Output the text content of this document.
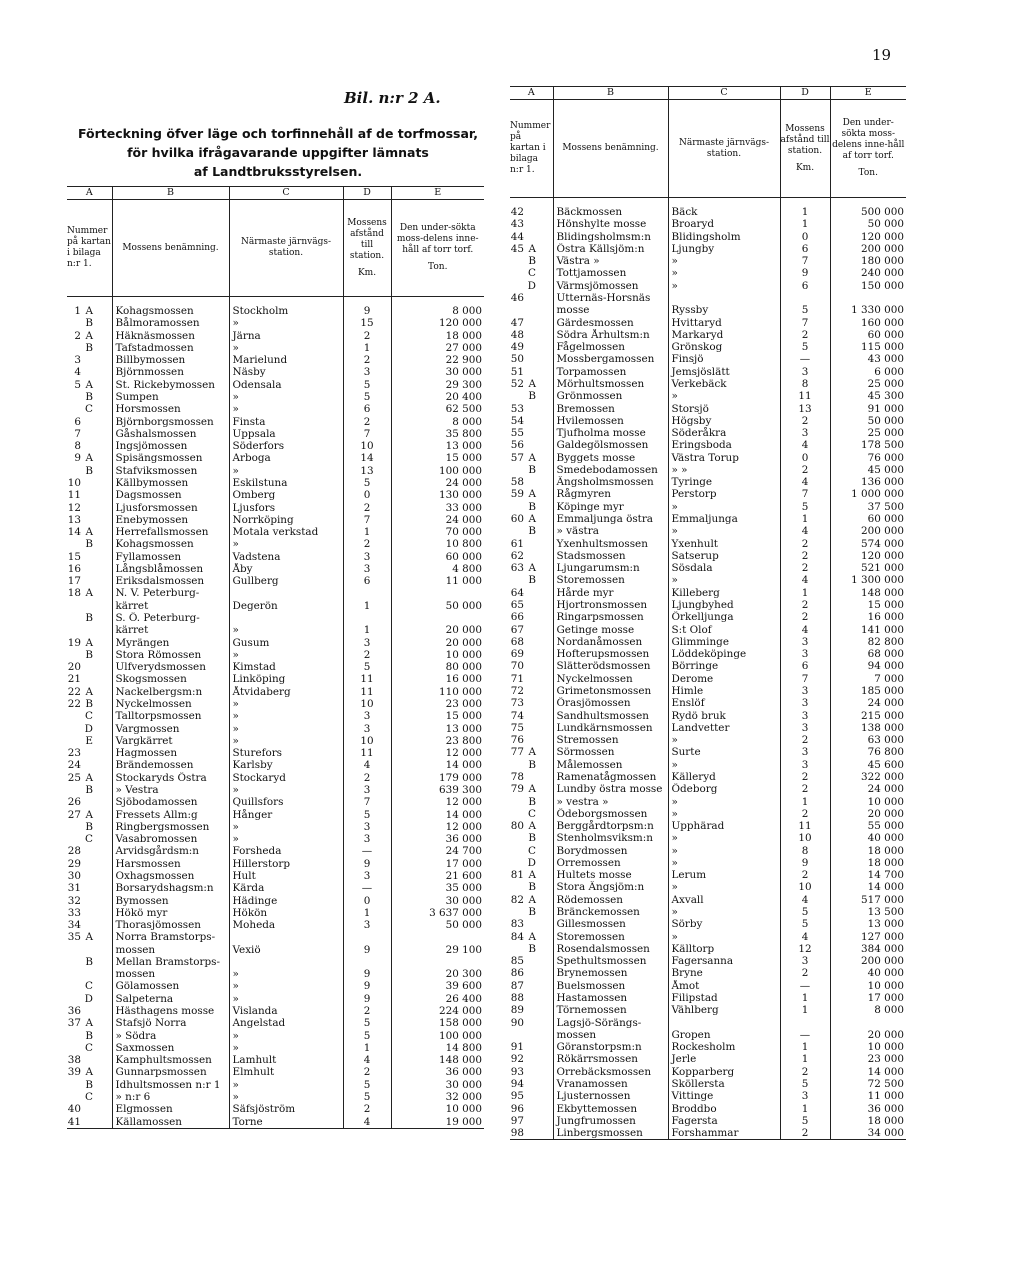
19
Bil. n:r 2 A.
Förteckning öfver läge och torfinnehåll af de torfmossar,
för hvilka ifrågavarande uppgifter lämnats
af Landtbruksstyrelsen.
A	B	C	D	E
Nummer på kartan i bilaga n:r 1.	Mossens benämning.	Närmaste järnvägs-station.	Mossens afstånd till station.
Km.	Den under-sökta moss-delens inne-håll af torr torf.
Ton.

1 A	Kohagsmossen	Stockholm	9	8 000
B	Bålmoramossen	»	15	120 000
2 A	Häknäsmossen	Järna	2	18 000
B	Tafstadmossen	»	1	27 000
3	Billbymossen	Marielund	2	22 900
4	Björnmossen	Näsby	3	30 000
5 A	St. Rickebymossen	Odensala	5	29 300
B	Sumpen	»	5	20 400
C	Horsmossen	»	6	62 500
6	Björnborgsmossen	Finsta	2	8 000
7	Gåshalsmossen	Uppsala	7	35 800
8	Ingsjömossen	Söderfors	10	13 000
9 A	Spisängsmossen	Arboga	14	15 000
B	Stafviksmossen	»	13	100 000
10	Källbymossen	Eskilstuna	5	24 000
11	Dagsmossen	Omberg	0	130 000
12	Ljusforsmossen	Ljusfors	2	33 000
13	Enebymossen	Norrköping	7	24 000
14 A	Herrefallsmossen	Motala verkstad	1	70 000
B	Kohagsmossen	»	2	10 800
15	Fyllamossen	Vadstena	3	60 000
16	Långsblåmossen	Åby	3	4 800
17	Eriksdalsmossen	Gullberg	6	11 000
18 A	N. V. Peterburg-			
	kärret	Degerön	1	50 000
B	S. Ö. Peterburg-			
	kärret	»	1	20 000
19 A	Myrängen	Gusum	3	20 000
B	Stora Römossen	»	2	10 000
20	Ulfverydsmossen	Kimstad	5	80 000
21	Skogsmossen	Linköping	11	16 000
22 A	Nackelbergsm:n	Åtvidaberg	11	110 000
22 B	Nyckelmossen	»	10	23 000
C	Talltorpsmossen	»	3	15 000
D	Vargmossen	»	3	13 000
E	Vargkärret	»	10	23 800
23	Hagmossen	Sturefors	11	12 000
24	Brändemossen	Karlsby	4	14 000
25 A	Stockaryds Östra	Stockaryd	2	179 000
B	» Vestra	»	3	639 300
26	Sjöbodamossen	Quillsfors	7	12 000
27 A	Fressets Allm:g	Hånger	5	14 000
B	Ringbergsmossen	»	3	12 000
C	Vasabromossen	»	3	36 000
28	Arvidsgårdsm:n	Forsheda	—	24 700
29	Harsmossen	Hillerstorp	9	17 000
30	Oxhagsmossen	Hult	3	21 600
31	Borsarydshagsm:n	Kärda	—	35 000
32	Bymossen	Hädinge	0	30 000
33	Hökö myr	Hökön	1	3 637 000
34	Thorasjömossen	Moheda	3	50 000
35 A	Norra Bramstorps-			
	mossen	Vexiö	9	29 100
B	Mellan Bramstorps-			
	mossen	»	9	20 300
C	Gölamossen	»	9	39 600
D	Salpeterna	»	9	26 400
36	Hästhagens mosse	Vislanda	2	224 000
37 A	Stafsjö Norra	Angelstad	5	158 000
B	» Södra	»	5	100 000
C	Saxmossen	»	1	14 800
38	Kamphultsmossen	Lamhult	4	148 000
39 A	Gunnarpsmossen	Elmhult	2	36 000
B	Idhultsmossen n:r 1	»	5	30 000
C	» n:r 6	»	5	32 000
40	Elgmossen	Säfsjöström	2	10 000
41	Källamossen	Torne	4	19 000
A	B	C	D	E
Nummer på kartan i bilaga n:r 1.	Mossens benämning.	Närmaste järnvägs-station.	Mossens afstånd till station.
Km.	Den under-sökta moss-delens inne-håll af torr torf.
Ton.

42	Bäckmossen	Bäck	1	500 000
43	Hönshylte mosse	Broaryd	1	50 000
44	Blidingsholmsm:n	Blidingsholm	0	120 000
45 A	Östra Källsjöm:n	Ljungby	6	200 000
B	Västra »	»	7	180 000
C	Tottjamossen	»	9	240 000
D	Värmsjömossen	»	6	150 000
46	Utternäs-Horsnäs			
	mosse	Ryssby	5	1 330 000
47	Gärdesmossen	Hvittaryd	7	160 000
48	Södra Århultsm:n	Markaryd	2	60 000
49	Fågelmossen	Grönskog	5	115 000
50	Mossbergamossen	Finsjö	—	43 000
51	Torpamossen	Jemsjöslätt	3	6 000
52 A	Mörhultsmossen	Verkebäck	8	25 000
B	Grönmossen	»	11	45 300
53	Bremossen	Storsjö	13	91 000
54	Hvilemossen	Högsby	2	50 000
55	Tjufholma mosse	Söderåkra	3	25 000
56	Galdegölsmossen	Eringsboda	4	178 500
57 A	Byggets mosse	Västra Torup	0	76 000
B	Smedebodamossen	» »	2	45 000
58	Ängsholmsmossen	Tyringe	4	136 000
59 A	Rågmyren	Perstorp	7	1 000 000
B	Köpinge myr	»	5	37 500
60 A	Emmaljunga östra	Emmaljunga	1	60 000
B	» västra	»	4	200 000
61	Yxenhultsmossen	Yxenhult	2	574 000
62	Stadsmossen	Satserup	2	120 000
63 A	Ljungarumsm:n	Sösdala	2	521 000
B	Storemossen	»	4	1 300 000
64	Hårde myr	Killeberg	1	148 000
65	Hjortronsmossen	Ljungbyhed	2	15 000
66	Ringarpsmossen	Örkelljunga	2	16 000
67	Getinge mosse	S:t Olof	4	141 000
68	Nordanåmossen	Glimminge	3	82 800
69	Hofterupsmossen	Löddeköpinge	3	68 000
70	Slätterödsmossen	Börringe	6	94 000
71	Nyckelmossen	Derome	7	7 000
72	Grimetonsmossen	Himle	3	185 000
73	Örasjömossen	Enslöf	3	24 000
74	Sandhultsmossen	Rydö bruk	3	215 000
75	Lundkärnsmossen	Landvetter	3	138 000
76	Stremossen	»	2	63 000
77 A	Sörmossen	Surte	3	76 800
B	Målemossen	»	3	45 600
78	Ramenatågmossen	Källeryd	2	322 000
79 A	Lundby östra mosse	Ödeborg	2	24 000
B	» vestra »	»	1	10 000
C	Ödeborgsmossen	»	2	20 000
80 A	Berggårdtorpsm:n	Upphärad	11	55 000
B	Stenholmsviksm:n	»	10	40 000
C	Borydmossen	»	8	18 000
D	Orremossen	»	9	18 000
81 A	Hultets mosse	Lerum	2	14 700
B	Stora Ängsjöm:n	»	10	14 000
82 A	Rödemossen	Axvall	4	517 000
B	Bränckemossen	»	5	13 500
83	Gillesmossen	Sörby	5	13 000
84 A	Storemossen	»	4	127 000
B	Rosendalsmossen	Källtorp	12	384 000
85	Spethultsmossen	Fagersanna	3	200 000
86	Brynemossen	Bryne	2	40 000
87	Buelsmossen	Åmot	—	10 000
88	Hastamossen	Filipstad	1	17 000
89	Törnemossen	Vählberg	1	8 000
90	Lagsjö-Sörängs-			
	mossen	Gropen	—	20 000
91	Göranstorpsm:n	Rockesholm	1	10 000
92	Rökärrsmossen	Jerle	1	23 000
93	Orrebäcksmossen	Kopparberg	2	14 000
94	Vranamossen	Sköllersta	5	72 500
95	Ljusternossen	Vittinge	3	11 000
96	Ekbyttemossen	Broddbo	1	36 000
97	Jungfrumossen	Fagersta	5	18 000
98	Linbergsmossen	Forshammar	2	34 000
